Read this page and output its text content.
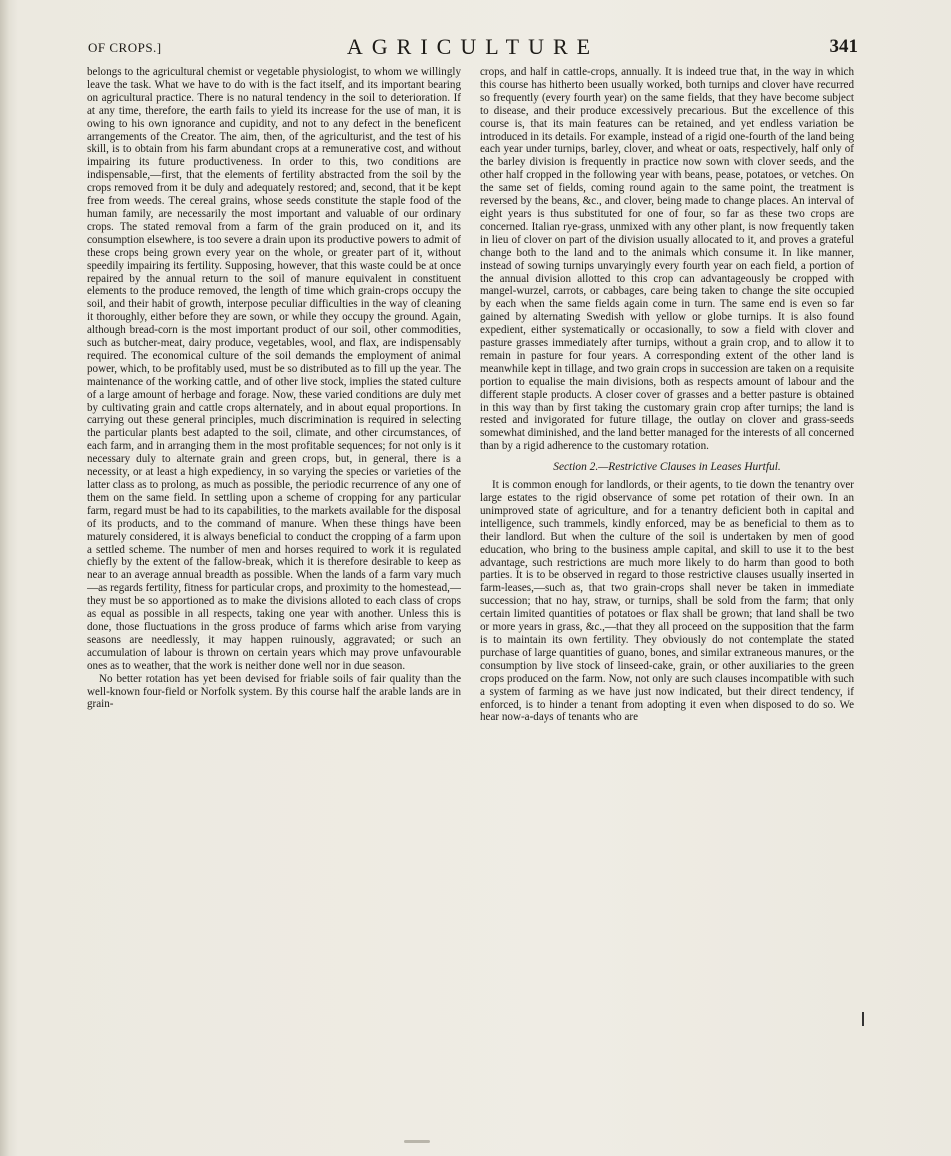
OF CROPS.]	AGRICULTURE	341

belongs to the agricultural chemist or vegetable physiologist, to whom we willingly leave the task. What we have to do with is the fact itself, and its important bearing on agricultural practice. There is no natural tendency in the soil to deterioration. If at any time, therefore, the earth fails to yield its increase for the use of man, it is owing to his own ignorance and cupidity, and not to any defect in the beneficent arrangements of the Creator. The aim, then, of the agriculturist, and the test of his skill, is to obtain from his farm abundant crops at a remunerative cost, and without impairing its future productiveness. In order to this, two conditions are indispensable,—first, that the elements of fertility abstracted from the soil by the crops removed from it be duly and adequately restored; and, second, that it be kept free from weeds. The cereal grains, whose seeds constitute the staple food of the human family, are necessarily the most important and valuable of our ordinary crops. The stated removal from a farm of the grain produced on it, and its consumption elsewhere, is too severe a drain upon its productive powers to admit of these crops being grown every year on the whole, or greater part of it, without speedily impairing its fertility. Supposing, however, that this waste could be at once repaired by the annual return to the soil of manure equivalent in constituent elements to the produce removed, the length of time which grain-crops occupy the soil, and their habit of growth, interpose peculiar difficulties in the way of cleaning it thoroughly, either before they are sown, or while they occupy the ground. Again, although bread-corn is the most important product of our soil, other commodities, such as butcher-meat, dairy produce, vegetables, wool, and flax, are indispensably required. The economical culture of the soil demands the employment of animal power, which, to be profitably used, must be so distributed as to fill up the year. The maintenance of the working cattle, and of other live stock, implies the stated culture of a large amount of herbage and forage. Now, these varied conditions are duly met by cultivating grain and cattle crops alternately, and in about equal proportions. In carrying out these general principles, much discrimination is required in selecting the particular plants best adapted to the soil, climate, and other circumstances, of each farm, and in arranging them in the most profitable sequences; for not only is it necessary duly to alternate grain and green crops, but, in general, there is a necessity, or at least a high expediency, in so varying the species or varieties of the latter class as to prolong, as much as possible, the periodic recurrence of any one of them on the same field. In settling upon a scheme of cropping for any particular farm, regard must be had to its capabilities, to the markets available for the disposal of its products, and to the command of manure. When these things have been maturely considered, it is always beneficial to conduct the cropping of a farm upon a settled scheme. The number of men and horses required to work it is regulated chiefly by the extent of the fallow-break, which it is therefore desirable to keep as near to an average annual breadth as possible. When the lands of a farm vary much—as regards fertility, fitness for particular crops, and proximity to the homestead,—they must be so apportioned as to make the divisions alloted to each class of crops as equal as possible in all respects, taking one year with another. Unless this is done, those fluctuations in the gross produce of farms which arise from varying seasons are needlessly, it may happen ruinously, aggravated; or such an accumulation of labour is thrown on certain years which may prove unfavourable ones as to weather, that the work is neither done well nor in due season.

No better rotation has yet been devised for friable soils of fair quality than the well-known four-field or Norfolk system. By this course half the arable lands are in grain-

crops, and half in cattle-crops, annually. It is indeed true that, in the way in which this course has hitherto been usually worked, both turnips and clover have recurred so frequently (every fourth year) on the same fields, that they have become subject to disease, and their produce excessively precarious. But the excellence of this course is, that its main features can be retained, and yet endless variation be introduced in its details. For example, instead of a rigid one-fourth of the land being each year under turnips, barley, clover, and wheat or oats, respectively, half only of the barley division is frequently in practice now sown with clover seeds, and the other half cropped in the following year with beans, pease, potatoes, or vetches. On the same set of fields, coming round again to the same point, the treatment is reversed by the beans, &c., and clover, being made to change places. An interval of eight years is thus substituted for one of four, so far as these two crops are concerned. Italian rye-grass, unmixed with any other plant, is now frequently taken in lieu of clover on part of the division usually allocated to it, and proves a grateful change both to the land and to the animals which consume it. In like manner, instead of sowing turnips unvaryingly every fourth year on each field, a portion of the annual division allotted to this crop can advantageously be cropped with mangel-wurzel, carrots, or cabbages, care being taken to change the site occupied by each when the same fields again come in turn. The same end is even so far gained by alternating Swedish with yellow or globe turnips. It is also found expedient, either systematically or occasionally, to sow a field with clover and pasture grasses immediately after turnips, without a grain crop, and to allow it to remain in pasture for four years. A corresponding extent of the other land is meanwhile kept in tillage, and two grain crops in succession are taken on a requisite portion to equalise the main divisions, both as respects amount of labour and the different staple products. A closer cover of grasses and a better pasture is obtained in this way than by first taking the customary grain crop after turnips; the land is rested and invigorated for future tillage, the outlay on clover and grass-seeds somewhat diminished, and the land better managed for the interests of all concerned than by a rigid adherence to the customary rotation.

Section 2.—Restrictive Clauses in Leases Hurtful.

It is common enough for landlords, or their agents, to tie down the tenantry over large estates to the rigid observance of some pet rotation of their own. In an unimproved state of agriculture, and for a tenantry deficient both in capital and intelligence, such trammels, kindly enforced, may be as beneficial to them as to their landlord. But when the culture of the soil is undertaken by men of good education, who bring to the business ample capital, and skill to use it to the best advantage, such restrictions are much more likely to do harm than good to both parties. It is to be observed in regard to those restrictive clauses usually inserted in farm-leases,—such as, that two grain-crops shall never be taken in immediate succession; that no hay, straw, or turnips, shall be sold from the farm; that only certain limited quantities of potatoes or flax shall be grown; that land shall be two or more years in grass, &c.,—that they all proceed on the supposition that the farm is to maintain its own fertility. They obviously do not contemplate the stated purchase of large quantities of guano, bones, and similar extraneous manures, or the consumption by live stock of linseed-cake, grain, or other auxiliaries to the green crops produced on the farm. Now, not only are such clauses incompatible with such a system of farming as we have just now indicated, but their direct tendency, if enforced, is to hinder a tenant from adopting it even when disposed to do so. We hear now-a-days of tenants who are
